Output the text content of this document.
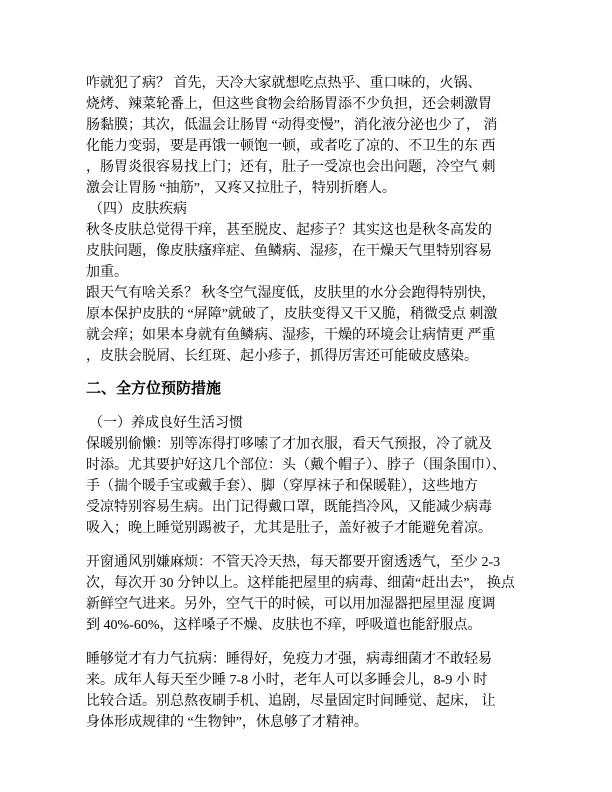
咋就犯了病？ 首先，天冷大家就想吃点热乎、重口味的，火锅、
烧烤、辣菜轮番上，但这些食物会给肠胃添不少负担，还会刺激胃
肠黏膜；其次，低温会让肠胃 “动得变慢”，消化液分泌也少了， 消
化能力变弱，要是再饿一顿饱一顿，或者吃了凉的、不卫生的东 西
，肠胃炎很容易找上门；还有，肚子一受凉也会出问题，冷空气 刺
激会让胃肠 “抽筋”，又疼又拉肚子，特别折磨人。
（四）皮肤疾病
秋冬皮肤总觉得干痒，甚至脱皮、起疹子？其实这也是秋冬高发的
皮肤问题，像皮肤瘙痒症、鱼鳞病、湿疹，在干燥天气里特别容易
加重。
跟天气有啥关系？ 秋冬空气湿度低，皮肤里的水分会跑得特别快，
原本保护皮肤的 “屏障”就破了，皮肤变得又干又脆，稍微受点 刺激
就会痒；如果本身就有鱼鳞病、湿疹，干燥的环境会让病情更 严重
，皮肤会脱屑、长红斑、起小疹子，抓得厉害还可能破皮感染。
二、全方位预防措施
（一）养成良好生活习惯
保暖别偷懒：别等冻得打哆嗦了才加衣服，看天气预报，冷了就及
时添。尤其要护好这几个部位：头（戴个帽子）、脖子（围条围巾）、
手（揣个暖手宝或戴手套）、脚（穿厚袜子和保暖鞋），这些地方
受凉特别容易生病。出门记得戴口罩，既能挡冷风，又能减少病毒
吸入；晚上睡觉别踢被子，尤其是肚子，盖好被子才能避免着凉。
开窗通风别嫌麻烦：不管天冷天热，每天都要开窗透透气，至少 2-3
次，每次开 30 分钟以上。这样能把屋里的病毒、细菌“赶出去”， 换点
新鲜空气进来。另外，空气干的时候，可以用加湿器把屋里湿 度调
到 40%-60%，这样嗓子不燥、皮肤也不痒，呼吸道也能舒服点。
睡够觉才有力气抗病：睡得好，免疫力才强，病毒细菌才不敢轻易
来。成年人每天至少睡 7-8 小时，老年人可以多睡会儿，8-9 小 时
比较合适。别总熬夜刷手机、追剧，尽量固定时间睡觉、起床， 让
身体形成规律的 “生物钟”，休息够了才精神。
